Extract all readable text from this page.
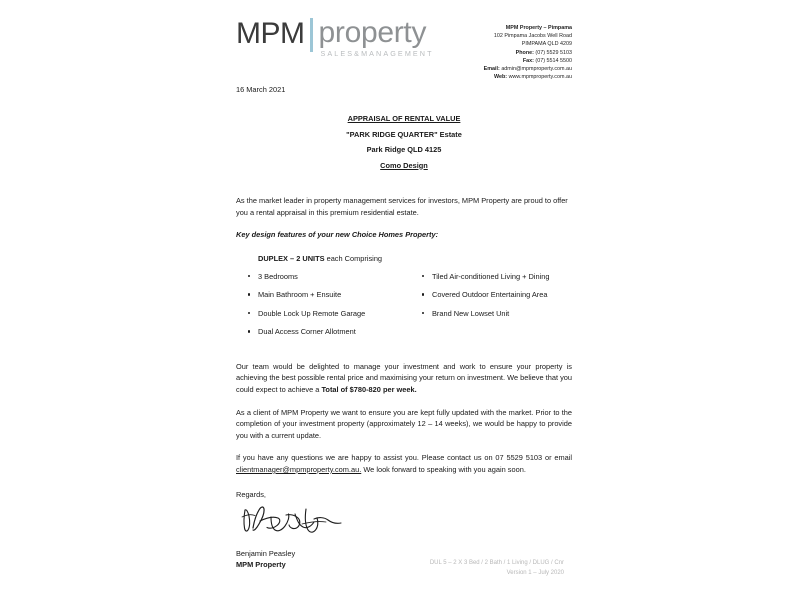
MPM property
SALES&MANAGEMENT
MPM Property – Pimpama
102 Pimpama Jacobs Well Road
PIMPAMA QLD 4209
Phone: (07) 5529 5103
Fax: (07) 5514 5500
Email: admin@mpmproperty.com.au
Web: www.mpmproperty.com.au
16 March 2021
APPRAISAL OF RENTAL VALUE
"PARK RIDGE QUARTER" Estate
Park Ridge QLD 4125
Como Design
As the market leader in property management services for investors, MPM Property are proud to offer you a rental appraisal in this premium residential estate.
Key design features of your new Choice Homes Property:
DUPLEX – 2 UNITS each Comprising
3 Bedrooms
Main Bathroom + Ensuite
Double Lock Up Remote Garage
Dual Access Corner Allotment
Tiled Air-conditioned Living + Dining
Covered Outdoor Entertaining Area
Brand New Lowset Unit
Our team would be delighted to manage your investment and work to ensure your property is achieving the best possible rental price and maximising your return on investment. We believe that you could expect to achieve a Total of $780-820 per week.
As a client of MPM Property we want to ensure you are kept fully updated with the market. Prior to the completion of your investment property (approximately 12 – 14 weeks), we would be happy to provide you with a current update.
If you have any questions we are happy to assist you. Please contact us on 07 5529 5103 or email clientmanager@mpmproperty.com.au. We look forward to speaking with you again soon.
Regards,
Benjamin Peasley
MPM Property	DUL 5 – 2 X 3 Bed / 2 Bath / 1 Living / DLUG / Cnr
Version 1 – July 2020
